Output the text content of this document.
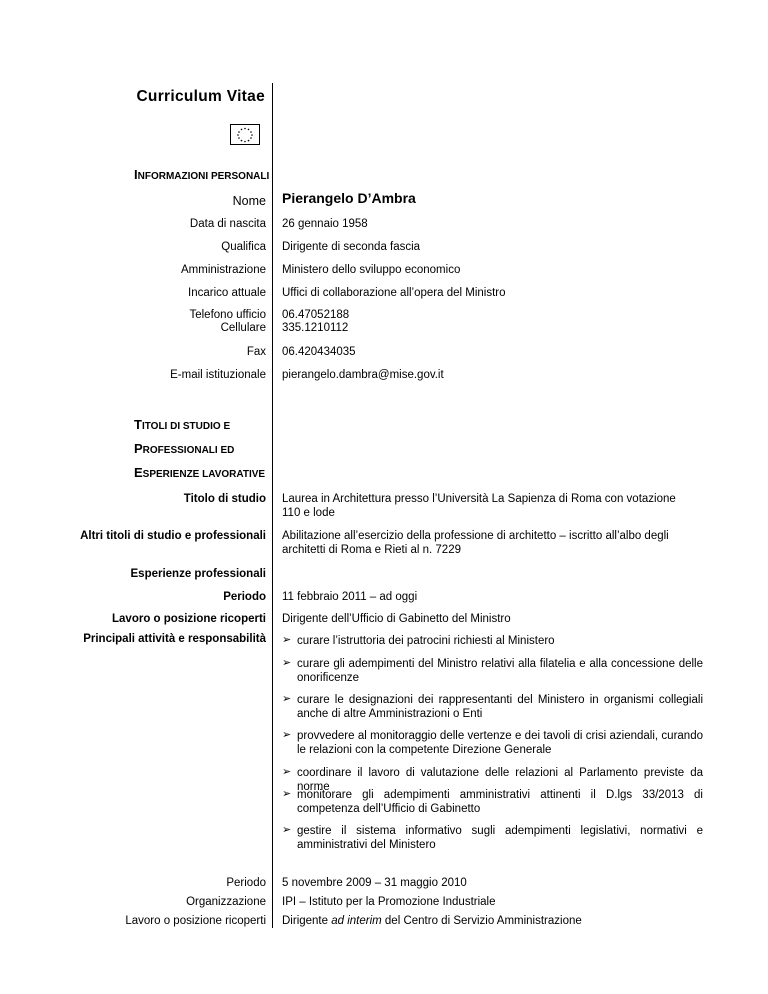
Curriculum Vitae
INFORMAZIONI PERSONALI
Nome Pierangelo D’Ambra
Data di nascita 26 gennaio 1958
Qualifica Dirigente di seconda fascia
Amministrazione Ministero dello sviluppo economico
Incarico attuale Uffici di collaborazione all’opera del Ministro
Telefono ufficio 06.47052188
Cellulare 335.1210112
Fax 06.420434035
E-mail istituzionale pierangelo.dambra@mise.gov.it
TITOLI DI STUDIO E
PROFESSIONALI ED
ESPERIENZE LAVORATIVE
Titolo di studio Laurea in Architettura presso l’Università La Sapienza di Roma con votazione 110 e lode
Altri titoli di studio e professionali Abilitazione all’esercizio della professione di architetto – iscritto all’albo degli architetti di Roma e Rieti al n. 7229
Esperienze professionali
Periodo 11 febbraio 2011 – ad oggi
Lavoro o posizione ricoperti Dirigente dell’Ufficio di Gabinetto del Ministro
Principali attività e responsabilità ➢ curare l’istruttoria dei patrocini richiesti al Ministero
➢ curare gli adempimenti del Ministro relativi alla filatelia e alla concessione delle onorificenze
➢ curare le designazioni dei rappresentanti del Ministero in organismi collegiali anche di altre Amministrazioni o Enti
➢ provvedere al monitoraggio delle vertenze e dei tavoli di crisi aziendali, curando le relazioni con la competente Direzione Generale
➢ coordinare il lavoro di valutazione delle relazioni al Parlamento previste da norme
➢ monitorare gli adempimenti amministrativi attinenti il D.lgs 33/2013 di competenza dell’Ufficio di Gabinetto
➢ gestire il sistema informativo sugli adempimenti legislativi, normativi e amministrativi del Ministero
Periodo 5 novembre 2009 – 31 maggio 2010
Organizzazione IPI – Istituto per la Promozione Industriale
Lavoro o posizione ricoperti Dirigente ad interim del Centro di Servizio Amministrazione
